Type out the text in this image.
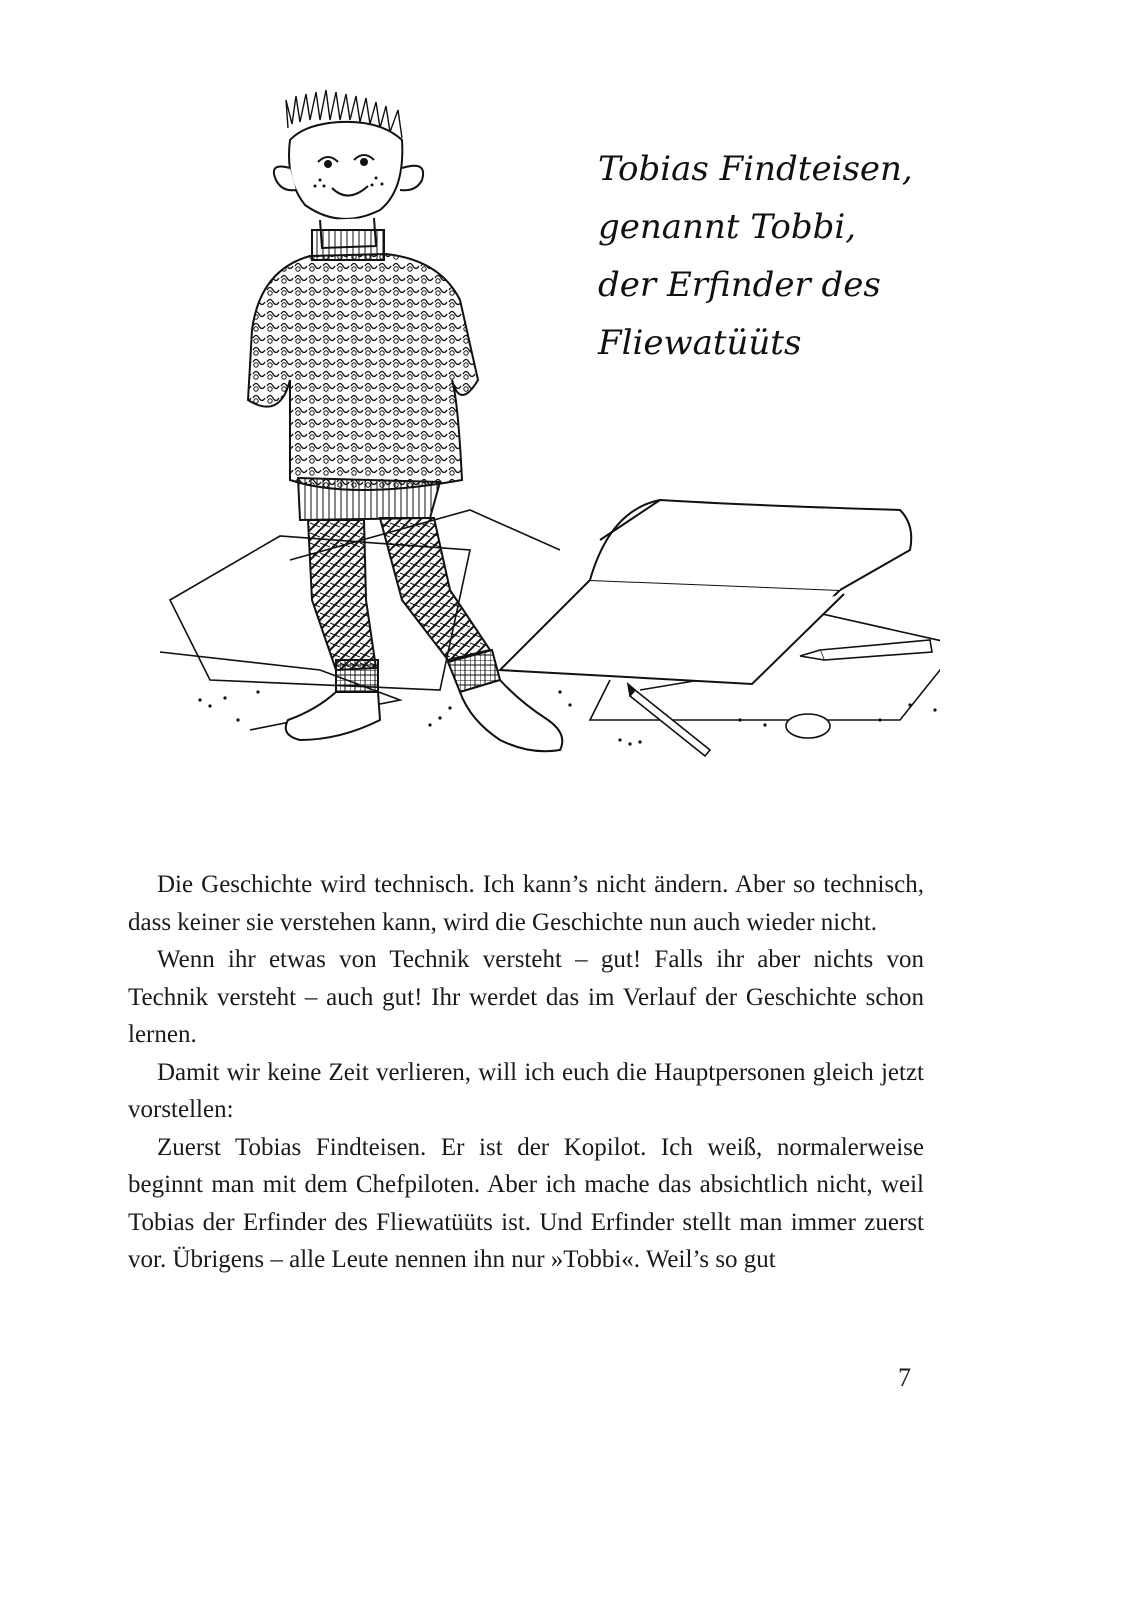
Tobias Findteisen,
genannt Tobbi,
der Erfinder des
Fliewatüüts

Die Geschichte wird technisch. Ich kann’s nicht ändern. Aber so technisch, dass keiner sie verstehen kann, wird die Geschichte nun auch wieder nicht.

Wenn ihr etwas von Technik versteht – gut! Falls ihr aber nichts von Technik versteht – auch gut! Ihr werdet das im Verlauf der Geschichte schon lernen.

Damit wir keine Zeit verlieren, will ich euch die Hauptpersonen gleich jetzt vorstellen:

Zuerst Tobias Findteisen. Er ist der Kopilot. Ich weiß, normalerweise beginnt man mit dem Chefpiloten. Aber ich mache das absichtlich nicht, weil Tobias der Erfinder des Fliewatüüts ist. Und Erfinder stellt man immer zuerst vor. Übrigens – alle Leute nennen ihn nur »Tobbi«. Weil’s so gut

7
